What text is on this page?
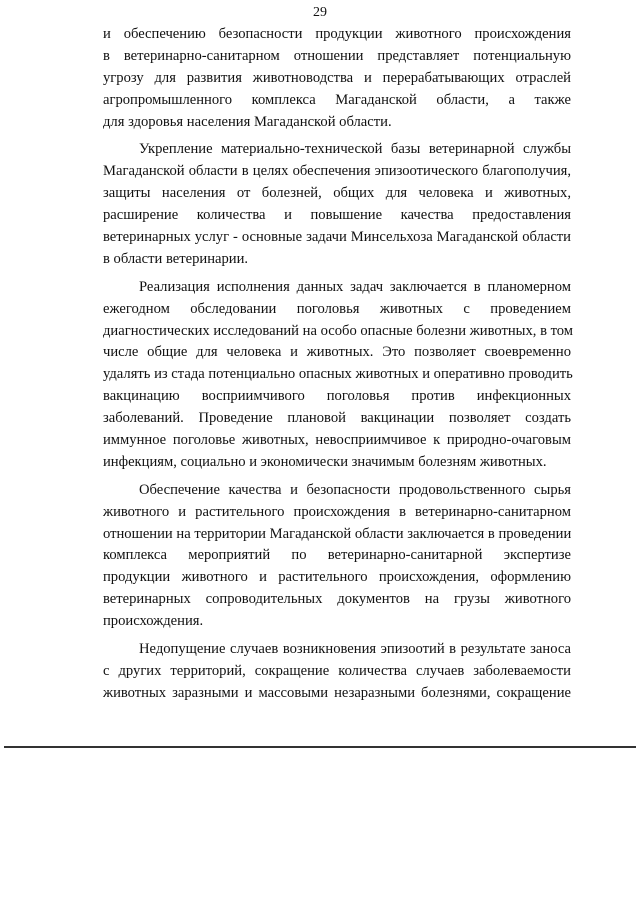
29
и обеспечению безопасности продукции животного происхождения
в ветеринарно-санитарном отношении представляет потенциальную
угрозу для развития животноводства и перерабатывающих отраслей
агропромышленного комплекса Магаданской области, а также
для здоровья населения Магаданской области.
Укрепление материально-технической базы ветеринарной службы
Магаданской области в целях обеспечения эпизоотического благополучия,
защиты населения от болезней, общих для человека и животных,
расширение количества и повышение качества предоставления
ветеринарных услуг - основные задачи Минсельхоза Магаданской области
в области ветеринарии.
Реализация исполнения данных задач заключается в планомерном
ежегодном обследовании поголовья животных с проведением
диагностических исследований на особо опасные болезни животных, в том
числе общие для человека и животных. Это позволяет своевременно
удалять из стада потенциально опасных животных и оперативно проводить
вакцинацию восприимчивого поголовья против инфекционных
заболеваний. Проведение плановой вакцинации позволяет создать
иммунное поголовье животных, невосприимчивое к природно-очаговым
инфекциям, социально и экономически значимым болезням животных.
Обеспечение качества и безопасности продовольственного сырья
животного и растительного происхождения в ветеринарно-санитарном
отношении на территории Магаданской области заключается в проведении
комплекса мероприятий по ветеринарно-санитарной экспертизе
продукции животного и растительного происхождения, оформлению
ветеринарных сопроводительных документов на грузы животного
происхождения.
Недопущение случаев возникновения эпизоотий в результате заноса
с других территорий, сокращение количества случаев заболеваемости
животных заразными и массовыми незаразными болезнями, сокращение
